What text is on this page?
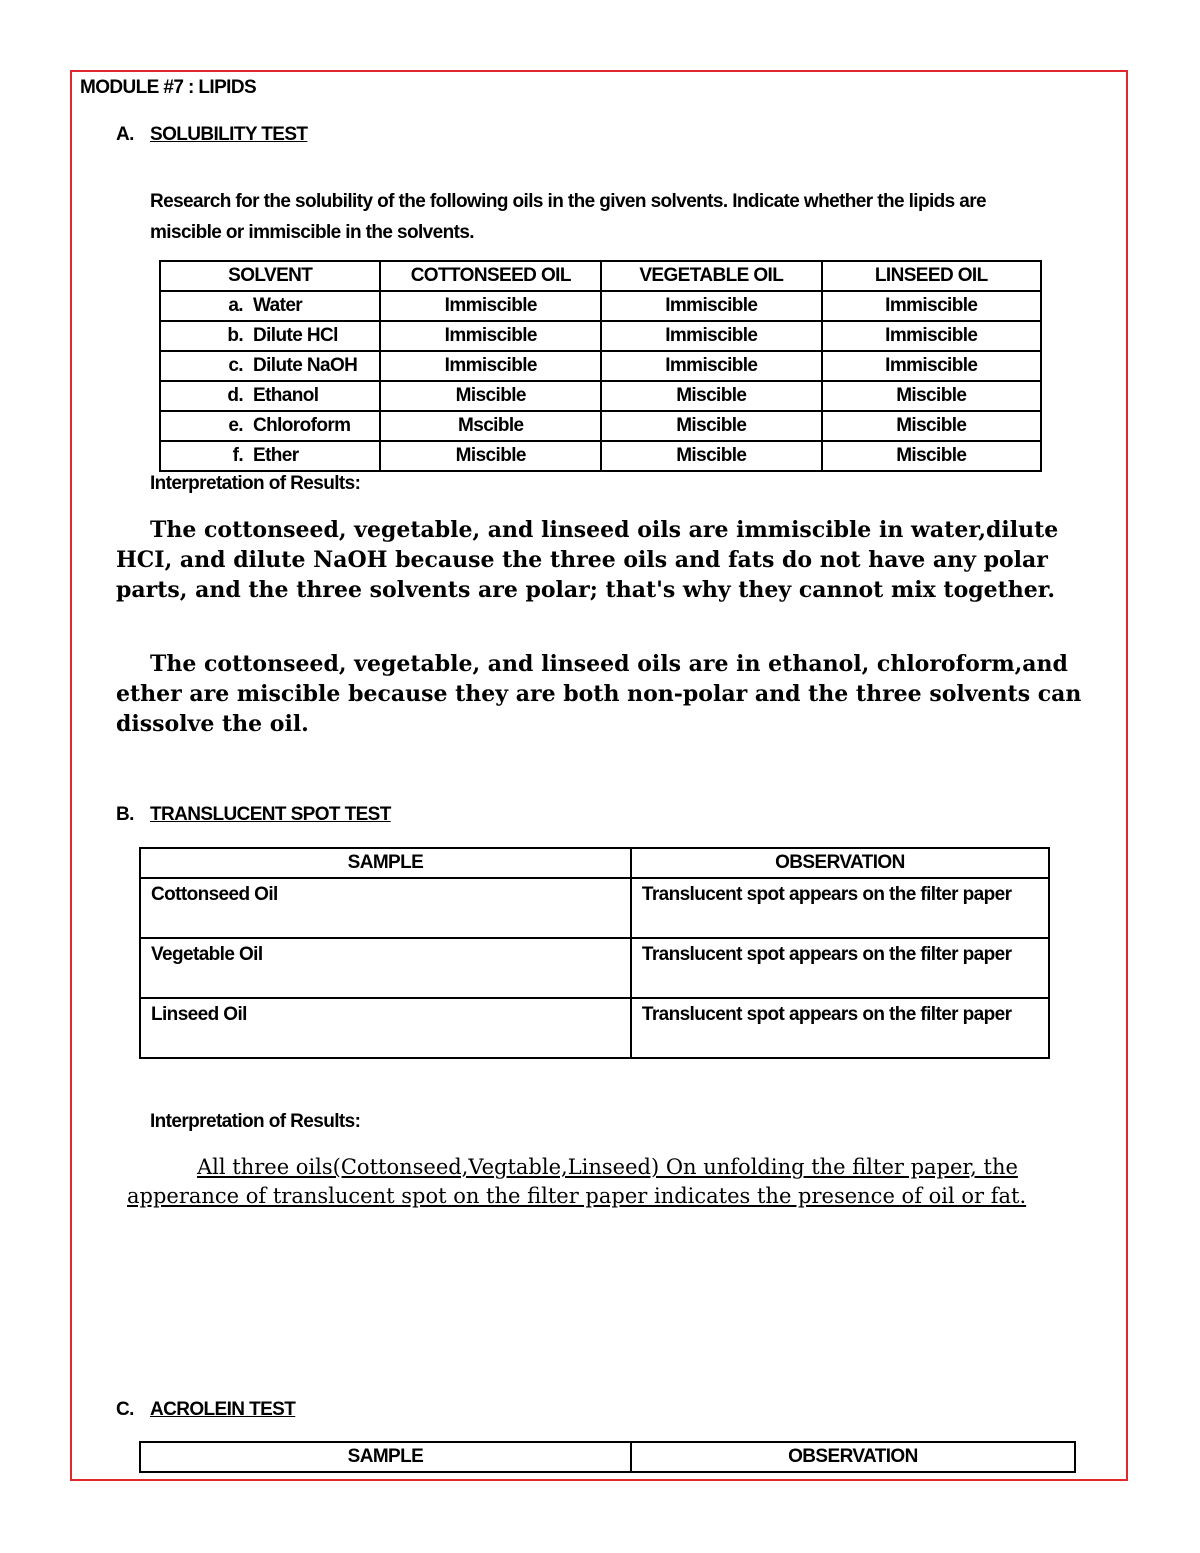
MODULE #7 : LIPIDS
A. SOLUBILITY TEST
Research for the solubility of the following oils in the given solvents. Indicate whether the lipids are
miscible or immiscible in the solvents.
SOLVENT	COTTONSEED OIL	VEGETABLE OIL	LINSEED OIL
a. Water	Immiscible	Immiscible	Immiscible
b. Dilute HCl	Immiscible	Immiscible	Immiscible
c. Dilute NaOH	Immiscible	Immiscible	Immiscible
d. Ethanol	Miscible	Miscible	Miscible
e. Chloroform	Mscible	Miscible	Miscible
f. Ether	Miscible	Miscible	Miscible
Interpretation of Results:
The cottonseed, vegetable, and linseed oils are immiscible in water,dilute HCI, and dilute NaOH because the three oils and fats do not have any polar parts, and the three solvents are polar; that's why they cannot mix together.
The cottonseed, vegetable, and linseed oils are in ethanol, chloroform,and ether are miscible because they are both non-polar and the three solvents can dissolve the oil.
B. TRANSLUCENT SPOT TEST
SAMPLE	OBSERVATION
Cottonseed Oil	Translucent spot appears on the filter paper
Vegetable Oil	Translucent spot appears on the filter paper
Linseed Oil	Translucent spot appears on the filter paper
Interpretation of Results:
All three oils(Cottonseed,Vegtable,Linseed) On unfolding the filter paper, the apperance of translucent spot on the filter paper indicates the presence of oil or fat.
C. ACROLEIN TEST
SAMPLE	OBSERVATION
